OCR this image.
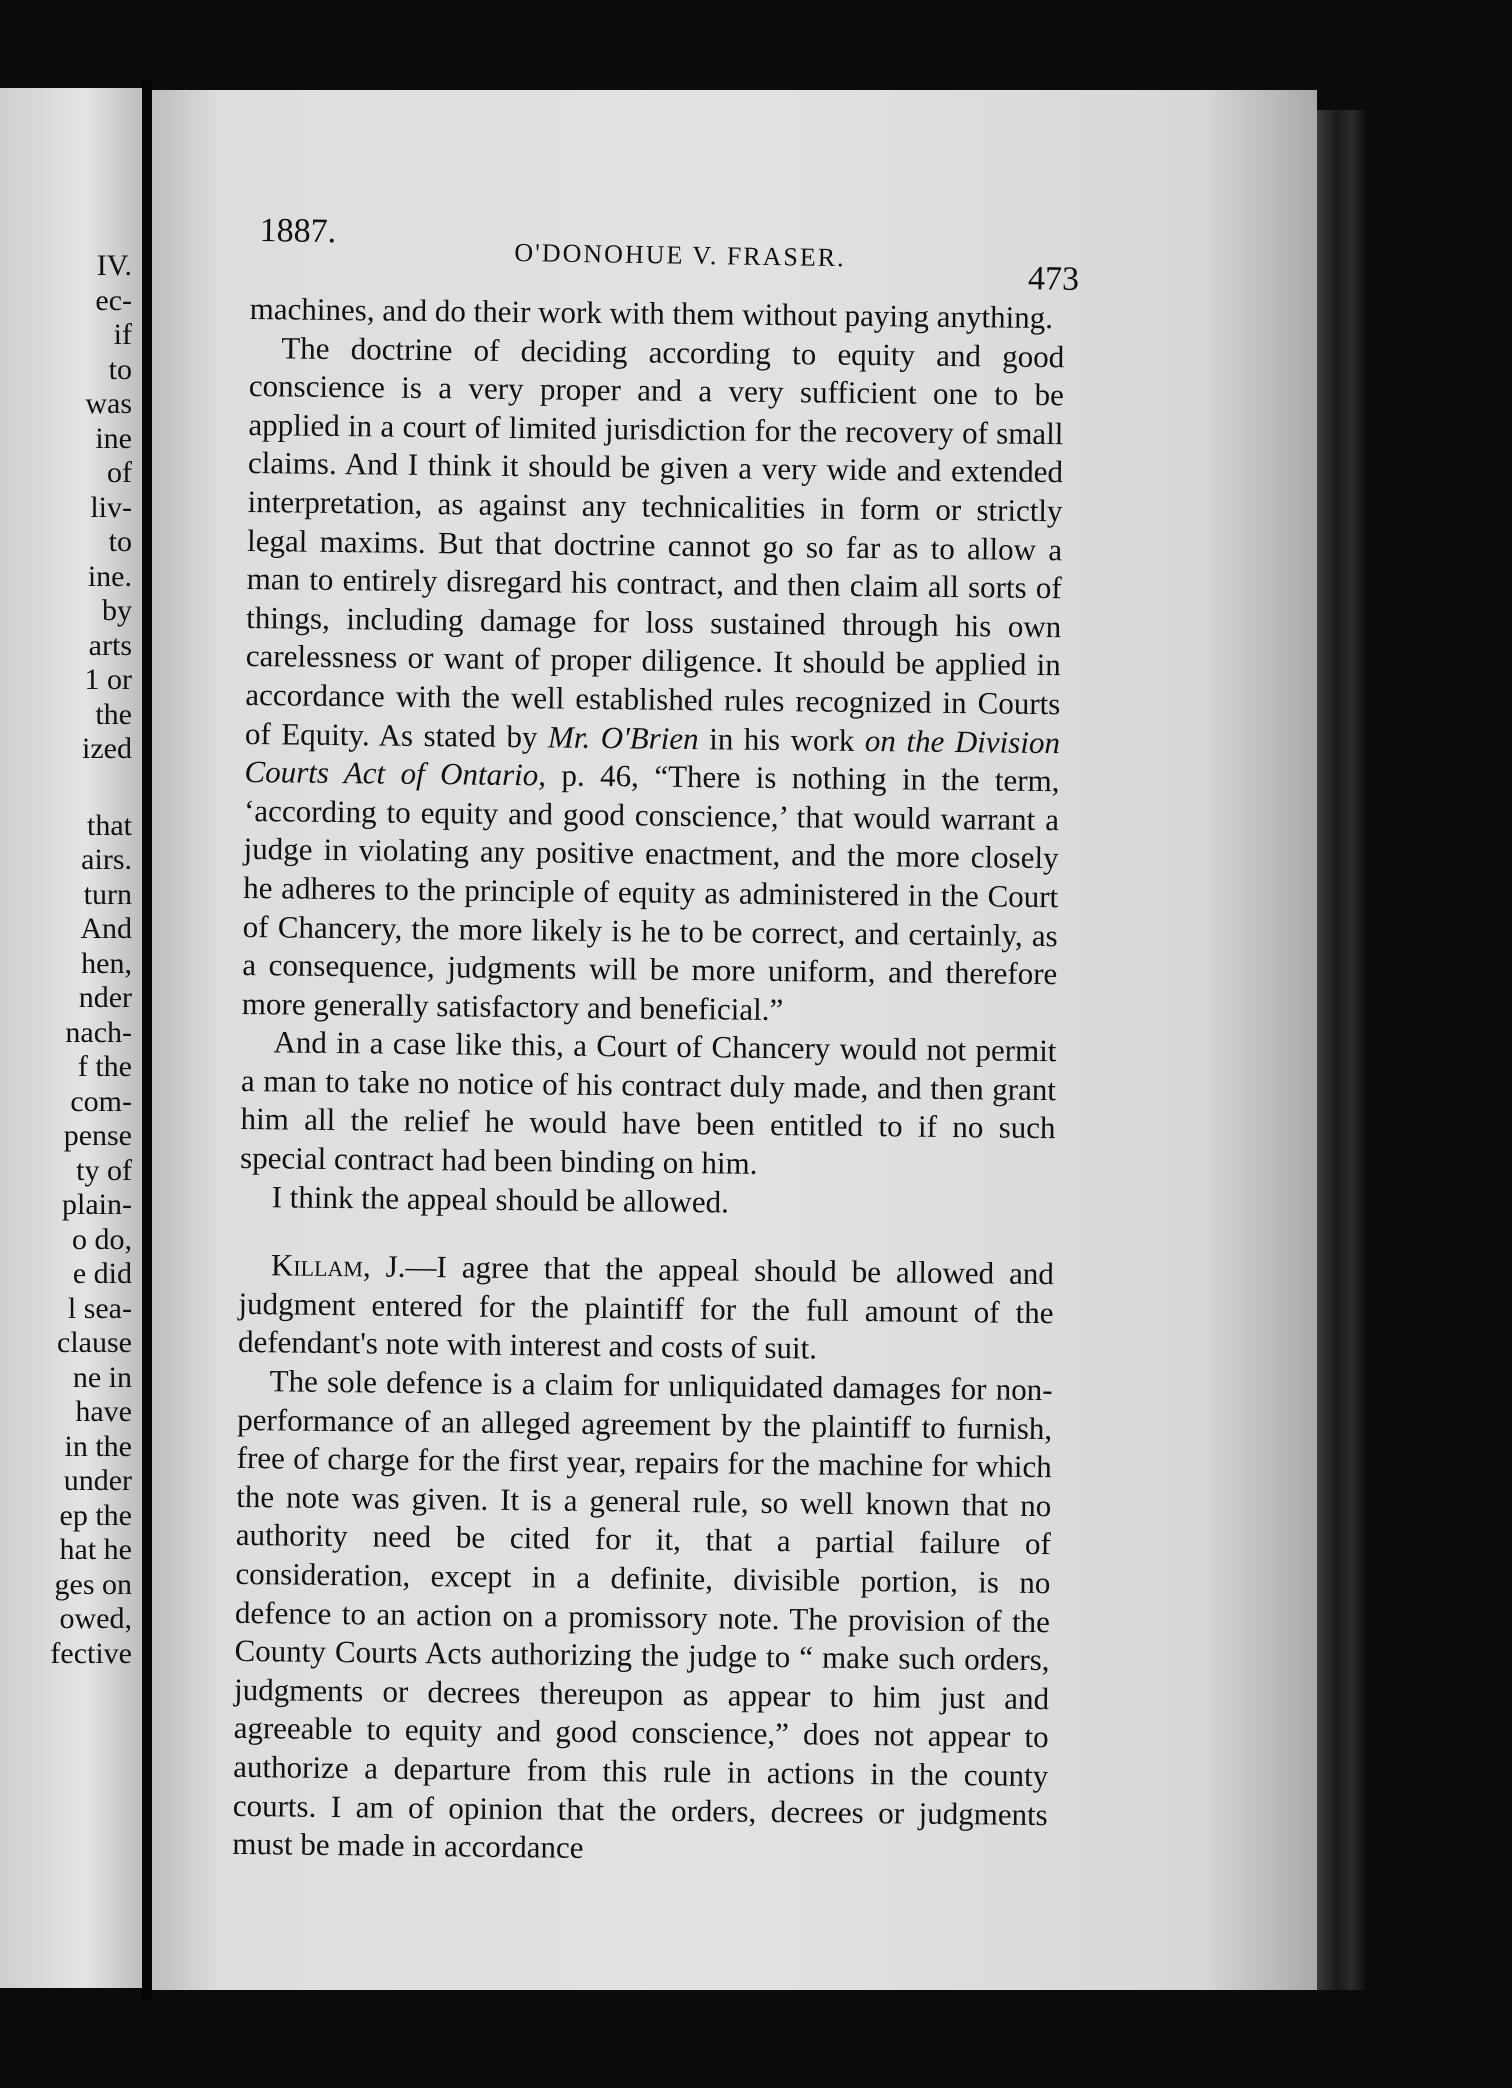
IV.
ec-
if
to
was
ine
of
liv-
to
ine.
by
arts
1 or
the
ized
that
airs.
turn
And
hen,
nder
nach-
f the
com-
pense
ty of
plain-
o do,
e did
l sea-
clause
ne in
have
in the
under
ep the
hat he
ges on
owed,
fective
1887.
O'DONOHUE V. FRASER.
473

machines, and do their work with them without paying anything.

The doctrine of deciding according to equity and good conscience is a very proper and a very sufficient one to be applied in a court of limited jurisdiction for the recovery of small claims. And I think it should be given a very wide and extended interpretation, as against any technicalities in form or strictly legal maxims. But that doctrine cannot go so far as to allow a man to entirely disregard his contract, and then claim all sorts of things, including damage for loss sustained through his own carelessness or want of proper diligence. It should be applied in accordance with the well established rules recognized in Courts of Equity. As stated by Mr. O'Brien in his work on the Division Courts Act of Ontario, p. 46, “There is nothing in the term, ‘according to equity and good conscience,’ that would warrant a judge in violating any positive enactment, and the more closely he adheres to the principle of equity as administered in the Court of Chancery, the more likely is he to be correct, and certainly, as a consequence, judgments will be more uniform, and therefore more generally satisfactory and beneficial.”

And in a case like this, a Court of Chancery would not permit a man to take no notice of his contract duly made, and then grant him all the relief he would have been entitled to if no such special contract had been binding on him.

I think the appeal should be allowed.

Killam, J.—I agree that the appeal should be allowed and judgment entered for the plaintiff for the full amount of the defendant's note with interest and costs of suit.

The sole defence is a claim for unliquidated damages for non-performance of an alleged agreement by the plaintiff to furnish, free of charge for the first year, repairs for the machine for which the note was given. It is a general rule, so well known that no authority need be cited for it, that a partial failure of consideration, except in a definite, divisible portion, is no defence to an action on a promissory note. The provision of the County Courts Acts authorizing the judge to “ make such orders, judgments or decrees thereupon as appear to him just and agreeable to equity and good conscience,” does not appear to authorize a departure from this rule in actions in the county courts. I am of opinion that the orders, decrees or judgments must be made in accordance
